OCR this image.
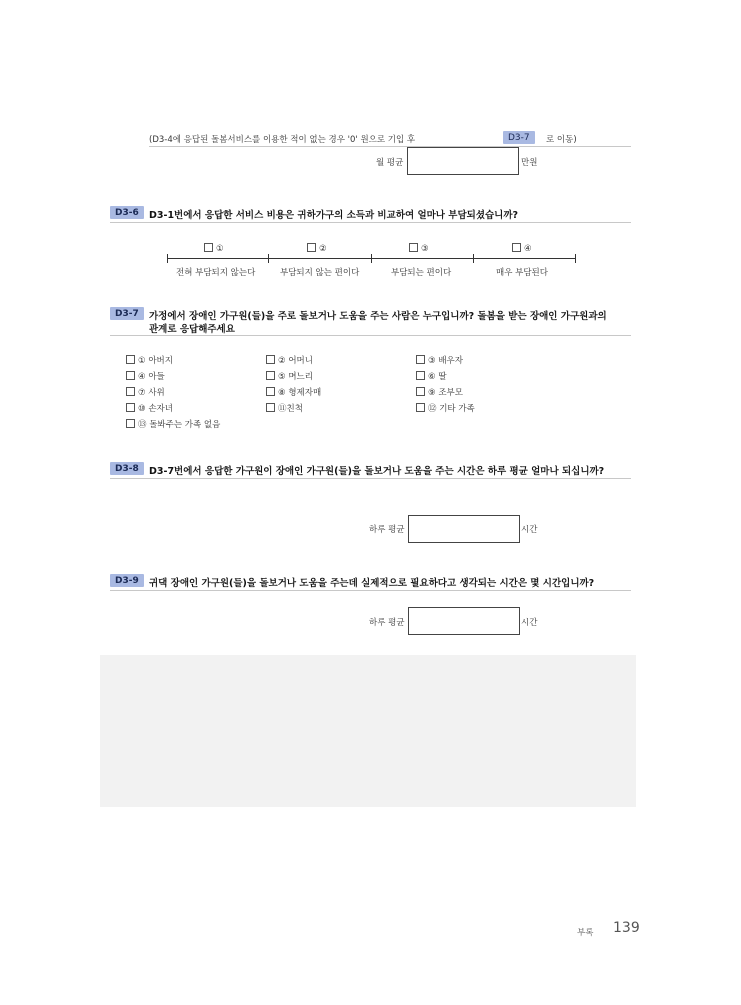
(D3-4에 응답된 돌봄서비스를 이용한 적이 없는 경우 '0' 원으로 기입 후	D3-7	로 이동)
월 평균	만원
D3-6	D3-1번에서 응답한 서비스 비용은 귀하가구의 소득과 비교하여 얼마나 부담되셨습니까?
①	②	③	④
전혀 부담되지 않는다	부담되지 않는 편이다	부담되는 편이다	매우 부담된다
D3-7	가정에서 장애인 가구원(들)을 주로 돌보거나 도움을 주는 사람은 누구입니까? 돌봄을 받는 장애인 가구원과의
관계로 응답해주세요
① 아버지	② 어머니	③ 배우자
④ 아들	⑤ 며느리	⑥ 딸
⑦ 사위	⑧ 형제자매	⑨ 조부모
⑩ 손자녀	⑪친척	⑫ 기타 가족
⑬ 돌봐주는 가족 없음
D3-8	D3-7번에서 응답한 가구원이 장애인 가구원(들)을 돌보거나 도움을 주는 시간은 하루 평균 얼마나 되십니까?
하루 평균	시간
D3-9	귀댁 장애인 가구원(들)을 돌보거나 도움을 주는데 실제적으로 필요하다고 생각되는 시간은 몇 시간입니까?
하루 평균	시간
부록 139
